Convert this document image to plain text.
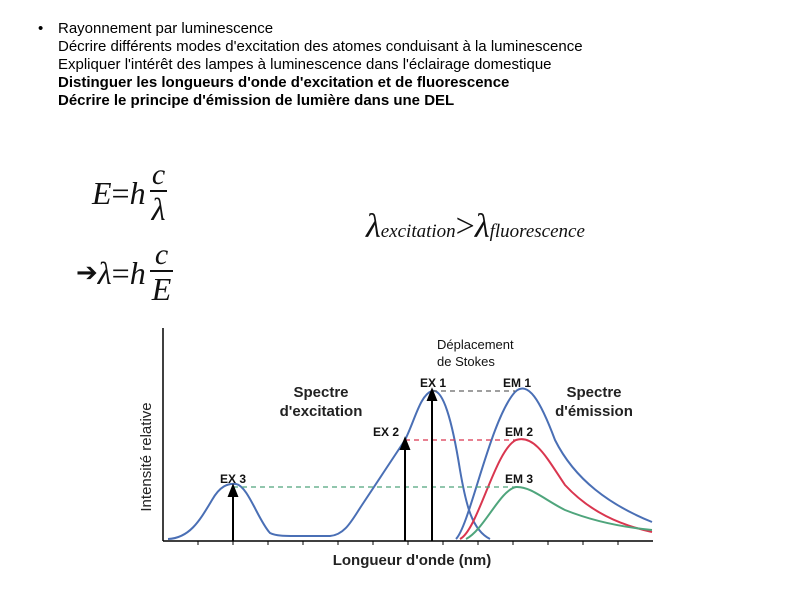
• Rayonnement par luminescence
Décrire différents modes d'excitation des atomes conduisant à la luminescence
Expliquer l'intérêt des lampes à luminescence dans l'éclairage domestique
Distinguer les longueurs d'onde d'excitation et de fluorescence
Décrire le principe d'émission de lumière dans une DEL
$E=h \frac{c}{\lambda}$
➔λ=h $\frac{c}{E}$
λexcitation>λfluorescence
Déplacement
de Stokes
Spectre
d'excitation
Spectre
d'émission
EX 1
EX 2
EX 3
EM 1
EM 2
EM 3
Longueur d'onde (nm)
Intensité relative
